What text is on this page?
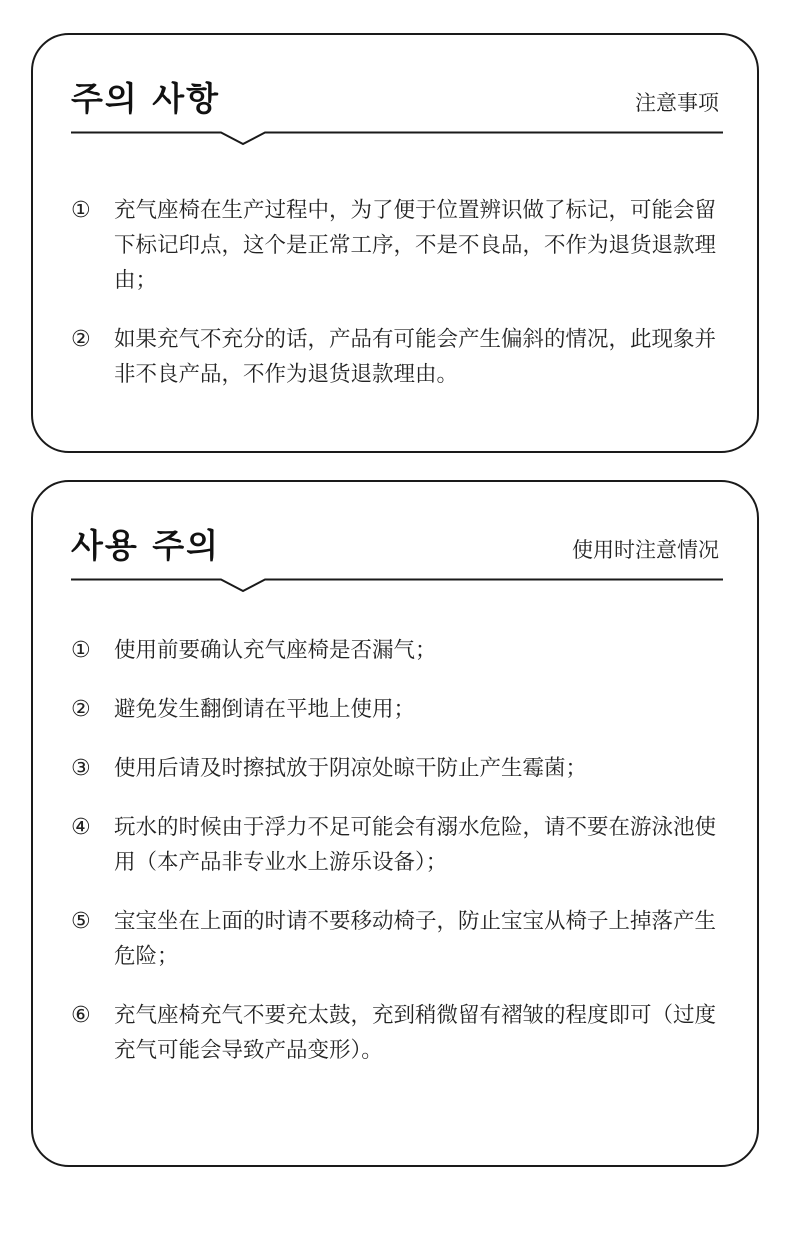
주의 사항	注意事项
①	充气座椅在生产过程中，为了便于位置辨识做了标记，可能会留下标记印点，这个是正常工序，不是不良品，不作为退货退款理由；
②	如果充气不充分的话，产品有可能会产生偏斜的情况，此现象并非不良产品，不作为退货退款理由。
사용 주의	使用时注意情况
①	使用前要确认充气座椅是否漏气；
②	避免发生翻倒请在平地上使用；
③	使用后请及时擦拭放于阴凉处晾干防止产生霉菌；
④	玩水的时候由于浮力不足可能会有溺水危险，请不要在游泳池使用（本产品非专业水上游乐设备）；
⑤	宝宝坐在上面的时请不要移动椅子，防止宝宝从椅子上掉落产生危险；
⑥	充气座椅充气不要充太鼓，充到稍微留有褶皱的程度即可（过度充气可能会导致产品变形）。
